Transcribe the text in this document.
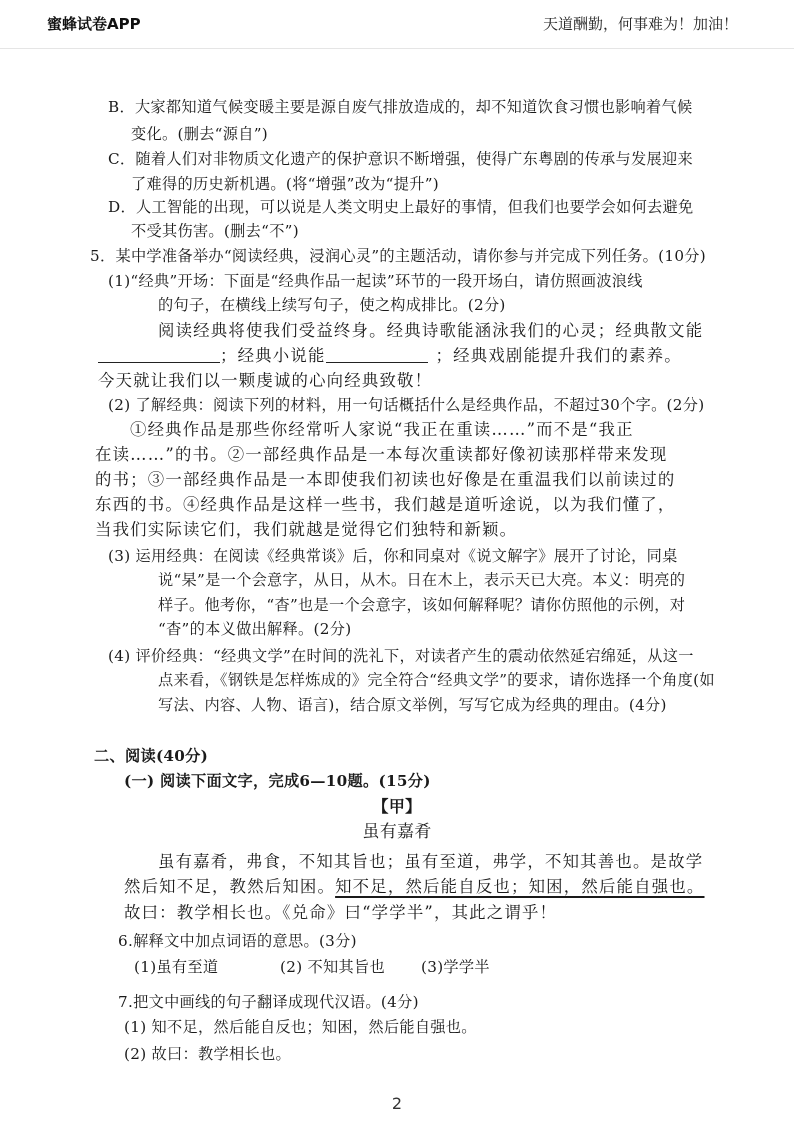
蜜蜂试卷APP	天道酬勤，何事难为！加油！
B．大家都知道气候变暖主要是源自废气排放造成的，却不知道饮食习惯也影响着气候
变化。(删去“源自”)
C．随着人们对非物质文化遗产的保护意识不断增强，使得广东粤剧的传承与发展迎来
了难得的历史新机遇。(将“增强”改为“提升”)
D．人工智能的出现，可以说是人类文明史上最好的事情，但我们也要学会如何去避免
不受其伤害。(删去“不”)
5．某中学准备举办“阅读经典，浸润心灵”的主题活动，请你参与并完成下列任务。(10分)
(1)“经典”开场：下面是“经典作品一起读”环节的一段开场白，请仿照画波浪线
的句子，在横线上续写句子，使之构成排比。(2分)
阅读经典将使我们受益终身。经典诗歌能涵泳我们的心灵；经典散文能
；经典小说能	；经典戏剧能提升我们的素养。
今天就让我们以一颗虔诚的心向经典致敬！
(2) 了解经典：阅读下列的材料，用一句话概括什么是经典作品，不超过30个字。(2分)
①经典作品是那些你经常听人家说“我正在重读……”而不是“我正
在读……”的书。②一部经典作品是一本每次重读都好像初读那样带来发现
的书；③一部经典作品是一本即使我们初读也好像是在重温我们以前读过的
东西的书。④经典作品是这样一些书，我们越是道听途说，以为我们懂了，
当我们实际读它们，我们就越是觉得它们独特和新颖。
(3) 运用经典：在阅读《经典常谈》后，你和同桌对《说文解字》展开了讨论，同桌
说“杲”是一个会意字，从日，从木。日在木上，表示天已大亮。本义：明亮的
样子。他考你，“杳”也是一个会意字，该如何解释呢？请你仿照他的示例，对
“杳”的本义做出解释。(2分)
(4) 评价经典：“经典文学”在时间的洗礼下，对读者产生的震动依然延宕绵延，从这一
点来看，《钢铁是怎样炼成的》完全符合“经典文学”的要求，请你选择一个角度(如
写法、内容、人物、语言)，结合原文举例，写写它成为经典的理由。(4分)
二、阅读(40分)
(一) 阅读下面文字，完成6—10题。(15分)
【甲】
虽有嘉肴
虽有嘉肴，弗食，不知其旨也；虽有至道，弗学，不知其善也。是故学
然后知不足，教然后知困。知不足，然后能自反也；知困，然后能自强也。
故曰：教学相长也。《兑命》曰“学学半”，其此之谓乎！
6.解释文中加点词语的意思。(3分)
(1)虽有至道	(2) 不知其旨也 (3)学学半
7.把文中画线的句子翻译成现代汉语。(4分)
(1) 知不足，然后能自反也；知困，然后能自强也。
(2) 故曰：教学相长也。
2
